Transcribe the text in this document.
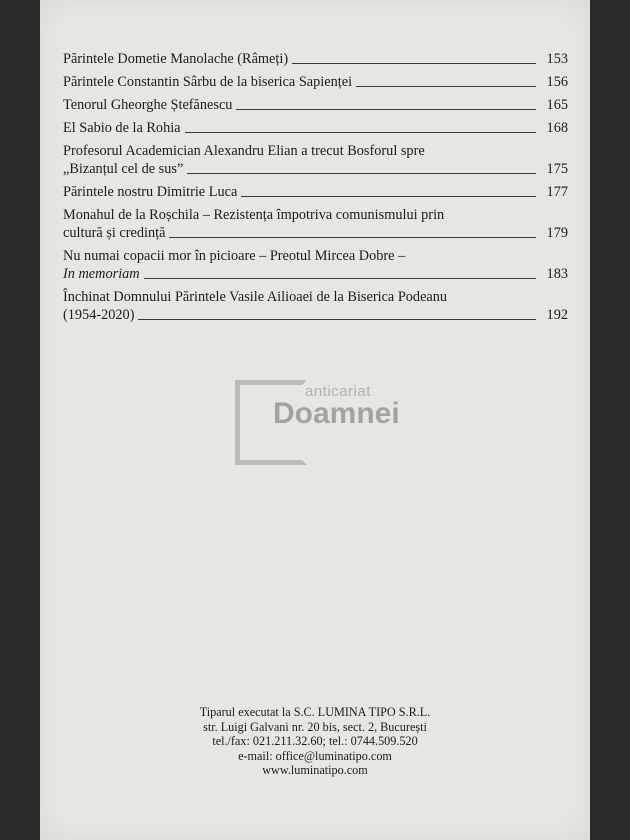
Părintele Dometie Manolache (Râmeți)	153
Părintele Constantin Sârbu de la biserica Sapienței	156
Tenorul Gheorghe Ștefănescu	165
El Sabio de la Rohia	168
Profesorul Academician Alexandru Elian a trecut Bosforul spre
„Bizanțul cel de sus”	175
Părintele nostru Dimitrie Luca	177
Monahul de la Roșchila – Rezistența împotriva comunismului prin
cultură și credință	179
Nu numai copacii mor în picioare – Preotul Mircea Dobre –
In memoriam	183
Închinat Domnului Părintele Vasile Ailioaei de la Biserica Podeanu
(1954-2020)	192
anticariat
Doamnei
Tiparul executat la S.C. LUMINA TIPO S.R.L.
str. Luigi Galvani nr. 20 bis, sect. 2, București
tel./fax: 021.211.32.60; tel.: 0744.509.520
e-mail: office@luminatipo.com
www.luminatipo.com
